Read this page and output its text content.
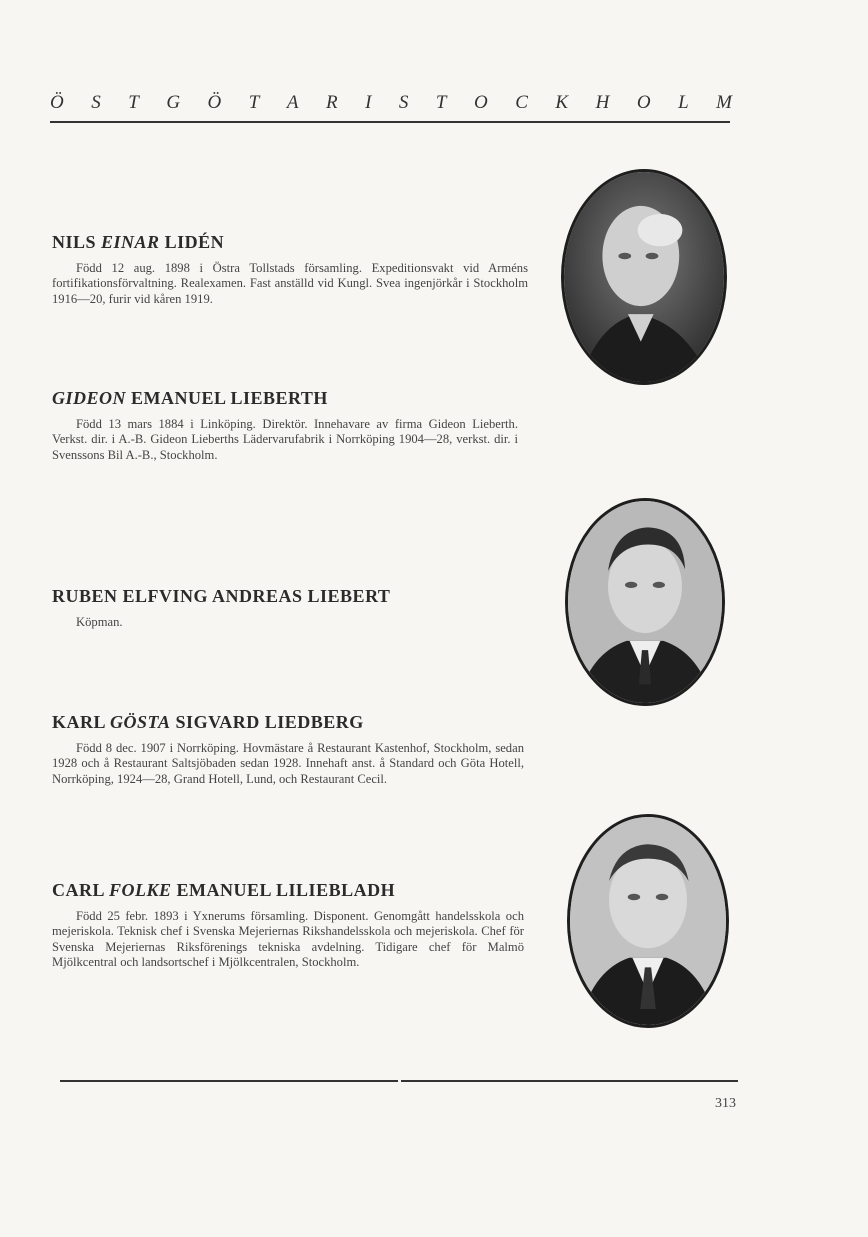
Ö S T G Ö T A R I S T O C K H O L M
NILS EINAR LIDÉN

Född 12 aug. 1898 i Östra Tollstads församling. Expeditionsvakt vid Arméns fortifikationsförvaltning. Realexamen. Fast anställd vid Kungl. Svea ingenjörkår i Stockholm 1916—20, furir vid kåren 1919.

GIDEON EMANUEL LIEBERTH

Född 13 mars 1884 i Linköping. Direktör. Innehavare av firma Gideon Lieberth. Verkst. dir. i A.-B. Gideon Lieberths Lädervarufabrik i Norrköping 1904—28, verkst. dir. i Svenssons Bil A.-B., Stockholm.

RUBEN ELFVING ANDREAS LIEBERT

Köpman.

KARL GÖSTA SIGVARD LIEDBERG

Född 8 dec. 1907 i Norrköping. Hovmästare å Restaurant Kastenhof, Stockholm, sedan 1928 och å Restaurant Saltsjöbaden sedan 1928. Innehaft anst. å Standard och Göta Hotell, Norrköping, 1924—28, Grand Hotell, Lund, och Restaurant Cecil.

CARL FOLKE EMANUEL LILIEBLADH

Född 25 febr. 1893 i Yxnerums församling. Disponent. Genomgått handelsskola och mejeriskola. Teknisk chef i Svenska Mejeriernas Rikshandelsskola och mejeriskola. Chef för Svenska Mejeriernas Riksförenings tekniska avdelning. Tidigare chef för Malmö Mjölkcentral och landsortschef i Mjölkcentralen, Stockholm.

313
